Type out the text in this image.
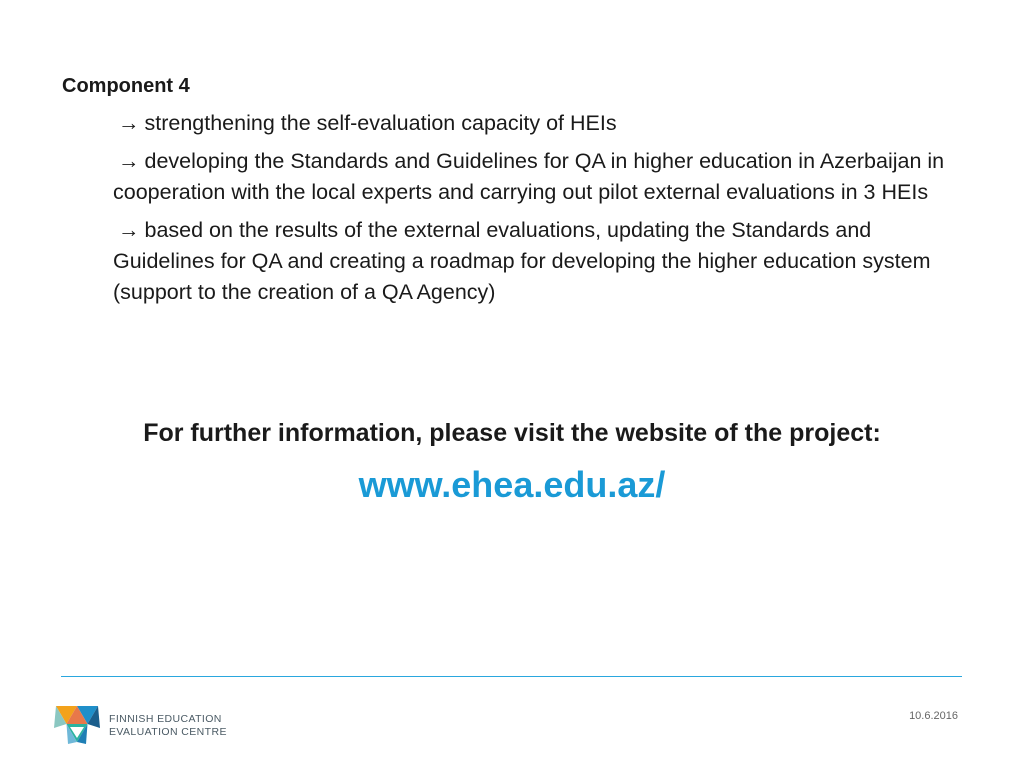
Component 4
→ strengthening the self-evaluation capacity of HEIs
→ developing the Standards and Guidelines for QA in higher education in Azerbaijan in cooperation with the local experts and carrying out pilot external evaluations in 3 HEIs
→ based on the results of the external evaluations, updating the Standards and Guidelines for QA and creating a roadmap for developing the higher education system (support to the creation of a QA Agency)

For further information, please visit the website of the project:

www.ehea.edu.az/
FINNISH EDUCATION
EVALUATION CENTRE
10.6.2016
